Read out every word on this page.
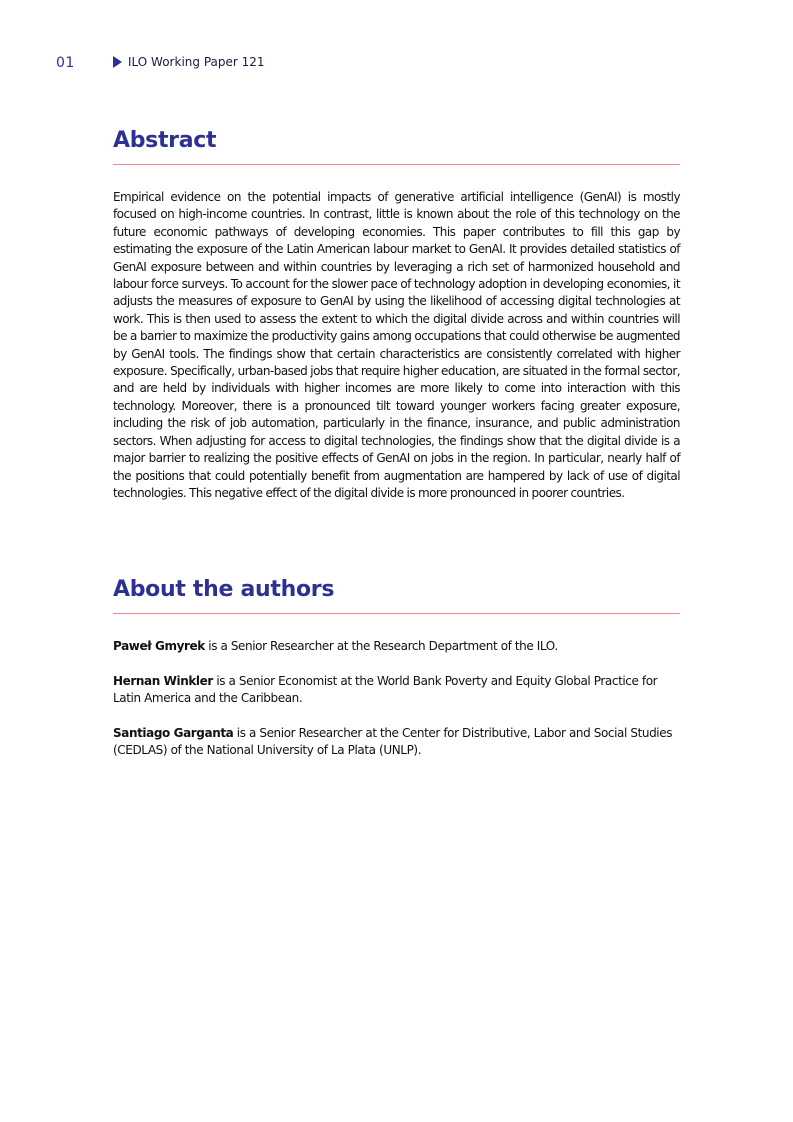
01	ILO Working Paper 121
Abstract

Empirical evidence on the potential impacts of generative artificial intelligence (GenAI) is mostly focused on high-income countries. In contrast, little is known about the role of this technology on the future economic pathways of developing economies. This paper contributes to fill this gap by estimating the exposure of the Latin American labour market to GenAI. It provides detailed statistics of GenAI exposure between and within countries by leveraging a rich set of harmonized household and labour force surveys. To account for the slower pace of technology adoption in developing economies, it adjusts the measures of exposure to GenAI by using the likelihood of accessing digital technologies at work. This is then used to assess the extent to which the digital divide across and within countries will be a barrier to maximize the productivity gains among occupations that could otherwise be augmented by GenAI tools. The findings show that certain characteristics are consistently correlated with higher exposure. Specifically, urban-based jobs that require higher education, are situated in the formal sector, and are held by individuals with higher incomes are more likely to come into interaction with this technology. Moreover, there is a pronounced tilt toward younger workers facing greater exposure, including the risk of job automation, particularly in the finance, insurance, and public administration sectors. When adjusting for access to digital technologies, the findings show that the digital divide is a major barrier to realizing the positive effects of GenAI on jobs in the region. In particular, nearly half of the positions that could potentially benefit from augmentation are hampered by lack of use of digital technologies. This negative effect of the digital divide is more pronounced in poorer countries.

About the authors

Paweł Gmyrek is a Senior Researcher at the Research Department of the ILO.

Hernan Winkler is a Senior Economist at the World Bank Poverty and Equity Global Practice for Latin America and the Caribbean.

Santiago Garganta is a Senior Researcher at the Center for Distributive, Labor and Social Studies (CEDLAS) of the National University of La Plata (UNLP).
